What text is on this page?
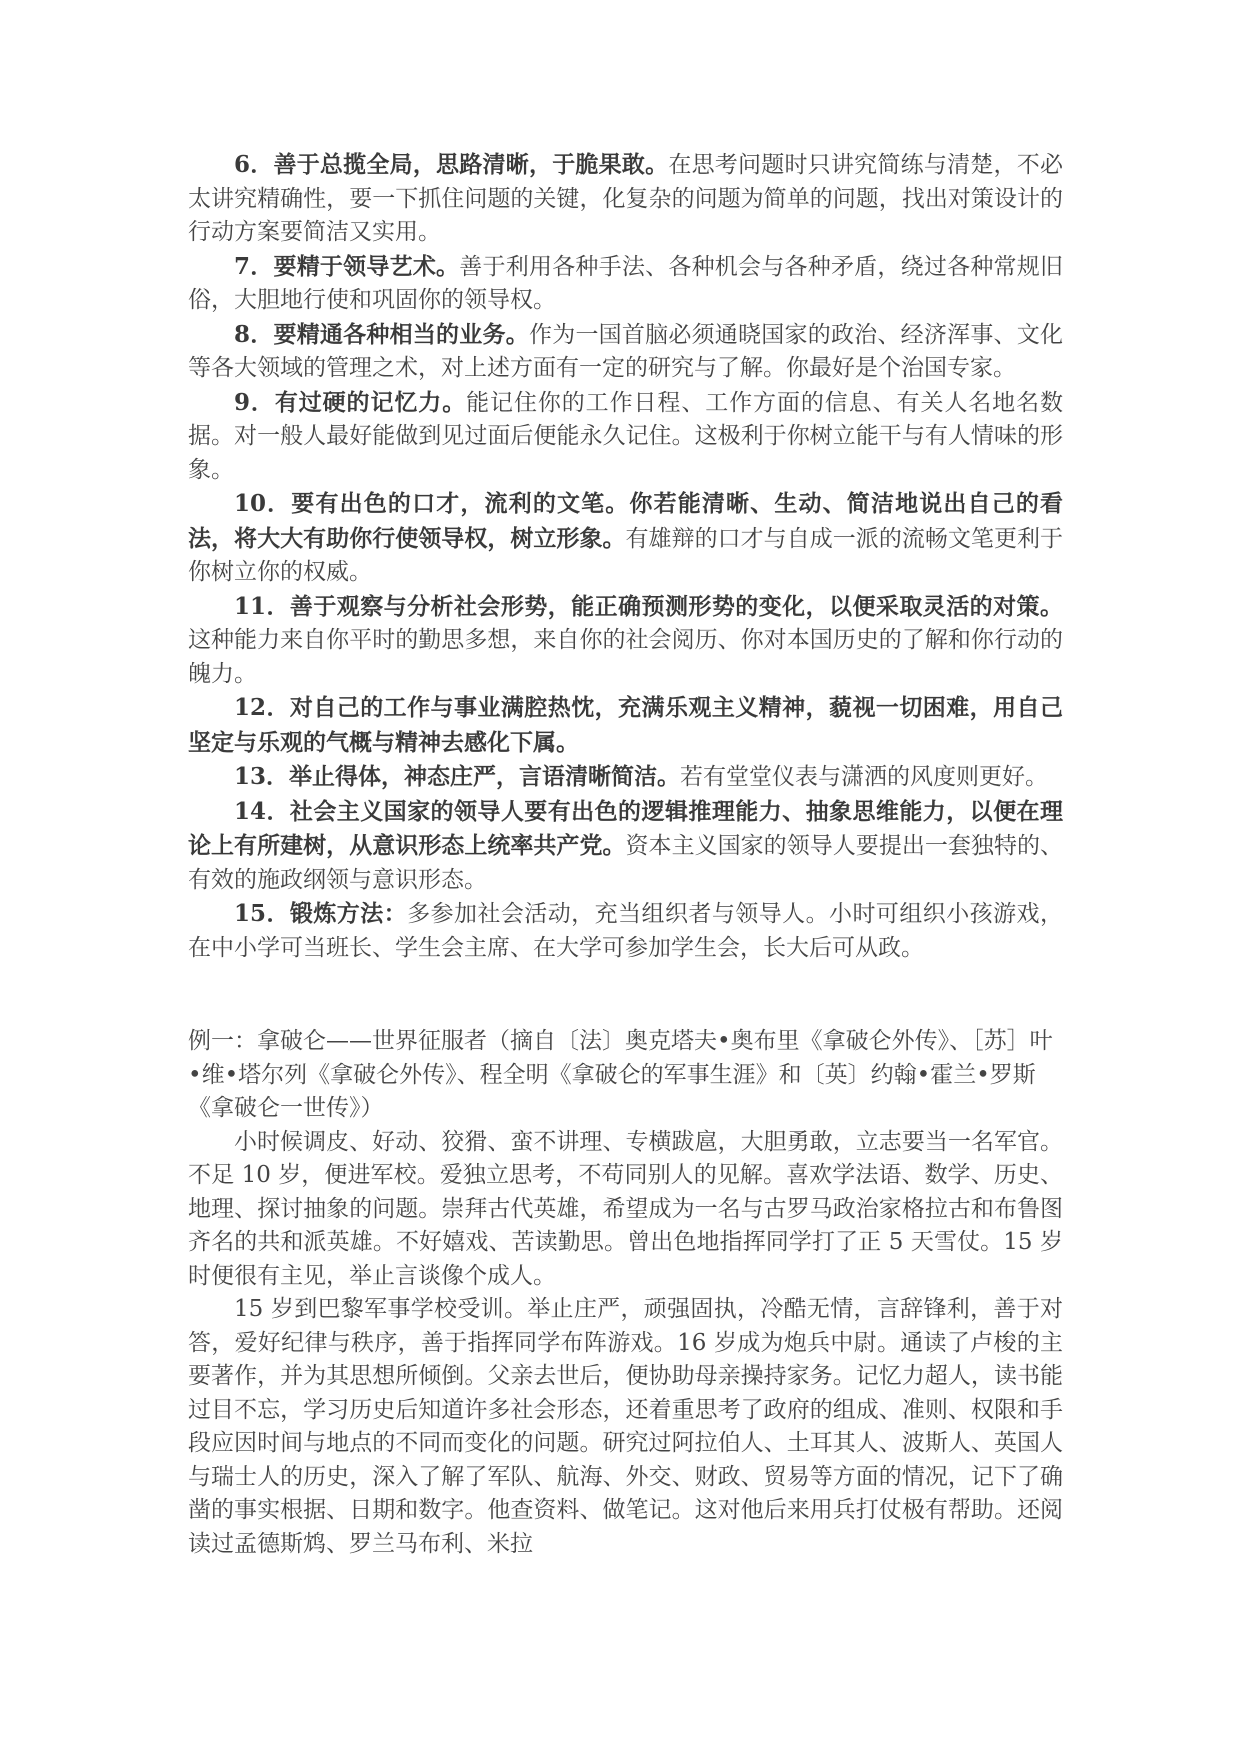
6．善于总揽全局，思路清晰，于脆果敢。在思考问题时只讲究简练与清楚，不必太讲究精确性，要一下抓住问题的关键，化复杂的问题为简单的问题，找出对策设计的行动方案要简洁又实用。

7．要精于领导艺术。善于利用各种手法、各种机会与各种矛盾，绕过各种常规旧俗，大胆地行使和巩固你的领导权。

8．要精通各种相当的业务。作为一国首脑必须通晓国家的政治、经济浑事、文化等各大领域的管理之术，对上述方面有一定的研究与了解。你最好是个治国专家。

9．有过硬的记忆力。能记住你的工作日程、工作方面的信息、有关人名地名数据。对一般人最好能做到见过面后便能永久记住。这极利于你树立能干与有人情味的形象。

10．要有出色的口才，流利的文笔。你若能清晰、生动、简洁地说出自己的看法，将大大有助你行使领导权，树立形象。有雄辩的口才与自成一派的流畅文笔更利于你树立你的权威。

11．善于观察与分析社会形势，能正确预测形势的变化，以便采取灵活的对策。这种能力来自你平时的勤思多想，来自你的社会阅历、你对本国历史的了解和你行动的魄力。

12．对自己的工作与事业满腔热忱，充满乐观主义精神，藐视一切困难，用自己坚定与乐观的气概与精神去感化下属。

13．举止得体，神态庄严，言语清晰简洁。若有堂堂仪表与潇洒的风度则更好。

14．社会主义国家的领导人要有出色的逻辑推理能力、抽象思维能力，以便在理论上有所建树，从意识形态上统率共产党。资本主义国家的领导人要提出一套独特的、有效的施政纲领与意识形态。

15．锻炼方法：多参加社会活动，充当组织者与领导人。小时可组织小孩游戏，在中小学可当班长、学生会主席、在大学可参加学生会，长大后可从政。

例一：拿破仑——世界征服者（摘自〔法〕奥克塔夫•奥布里《拿破仑外传》、［苏］叶•维•塔尔列《拿破仑外传》、程全明《拿破仑的军事生涯》和〔英〕约翰•霍兰•罗斯《拿破仑一世传》）

小时候调皮、好动、狡猾、蛮不讲理、专横跋扈，大胆勇敢，立志要当一名军官。不足 10 岁，便进军校。爱独立思考，不苟同别人的见解。喜欢学法语、数学、历史、地理、探讨抽象的问题。崇拜古代英雄，希望成为一名与古罗马政治家格拉古和布鲁图齐名的共和派英雄。不好嬉戏、苦读勤思。曾出色地指挥同学打了正 5 天雪仗。15 岁时便很有主见，举止言谈像个成人。

15 岁到巴黎军事学校受训。举止庄严，顽强固执，冷酷无情，言辞锋利，善于对答，爱好纪律与秩序，善于指挥同学布阵游戏。16 岁成为炮兵中尉。通读了卢梭的主要著作，并为其思想所倾倒。父亲去世后，便协助母亲操持家务。记忆力超人，读书能过目不忘，学习历史后知道许多社会形态，还着重思考了政府的组成、准则、权限和手段应因时间与地点的不同而变化的问题。研究过阿拉伯人、土耳其人、波斯人、英国人与瑞士人的历史，深入了解了军队、航海、外交、财政、贸易等方面的情况，记下了确凿的事实根据、日期和数字。他查资料、做笔记。这对他后来用兵打仗极有帮助。还阅读过孟德斯鸩、罗兰马布利、米拉
